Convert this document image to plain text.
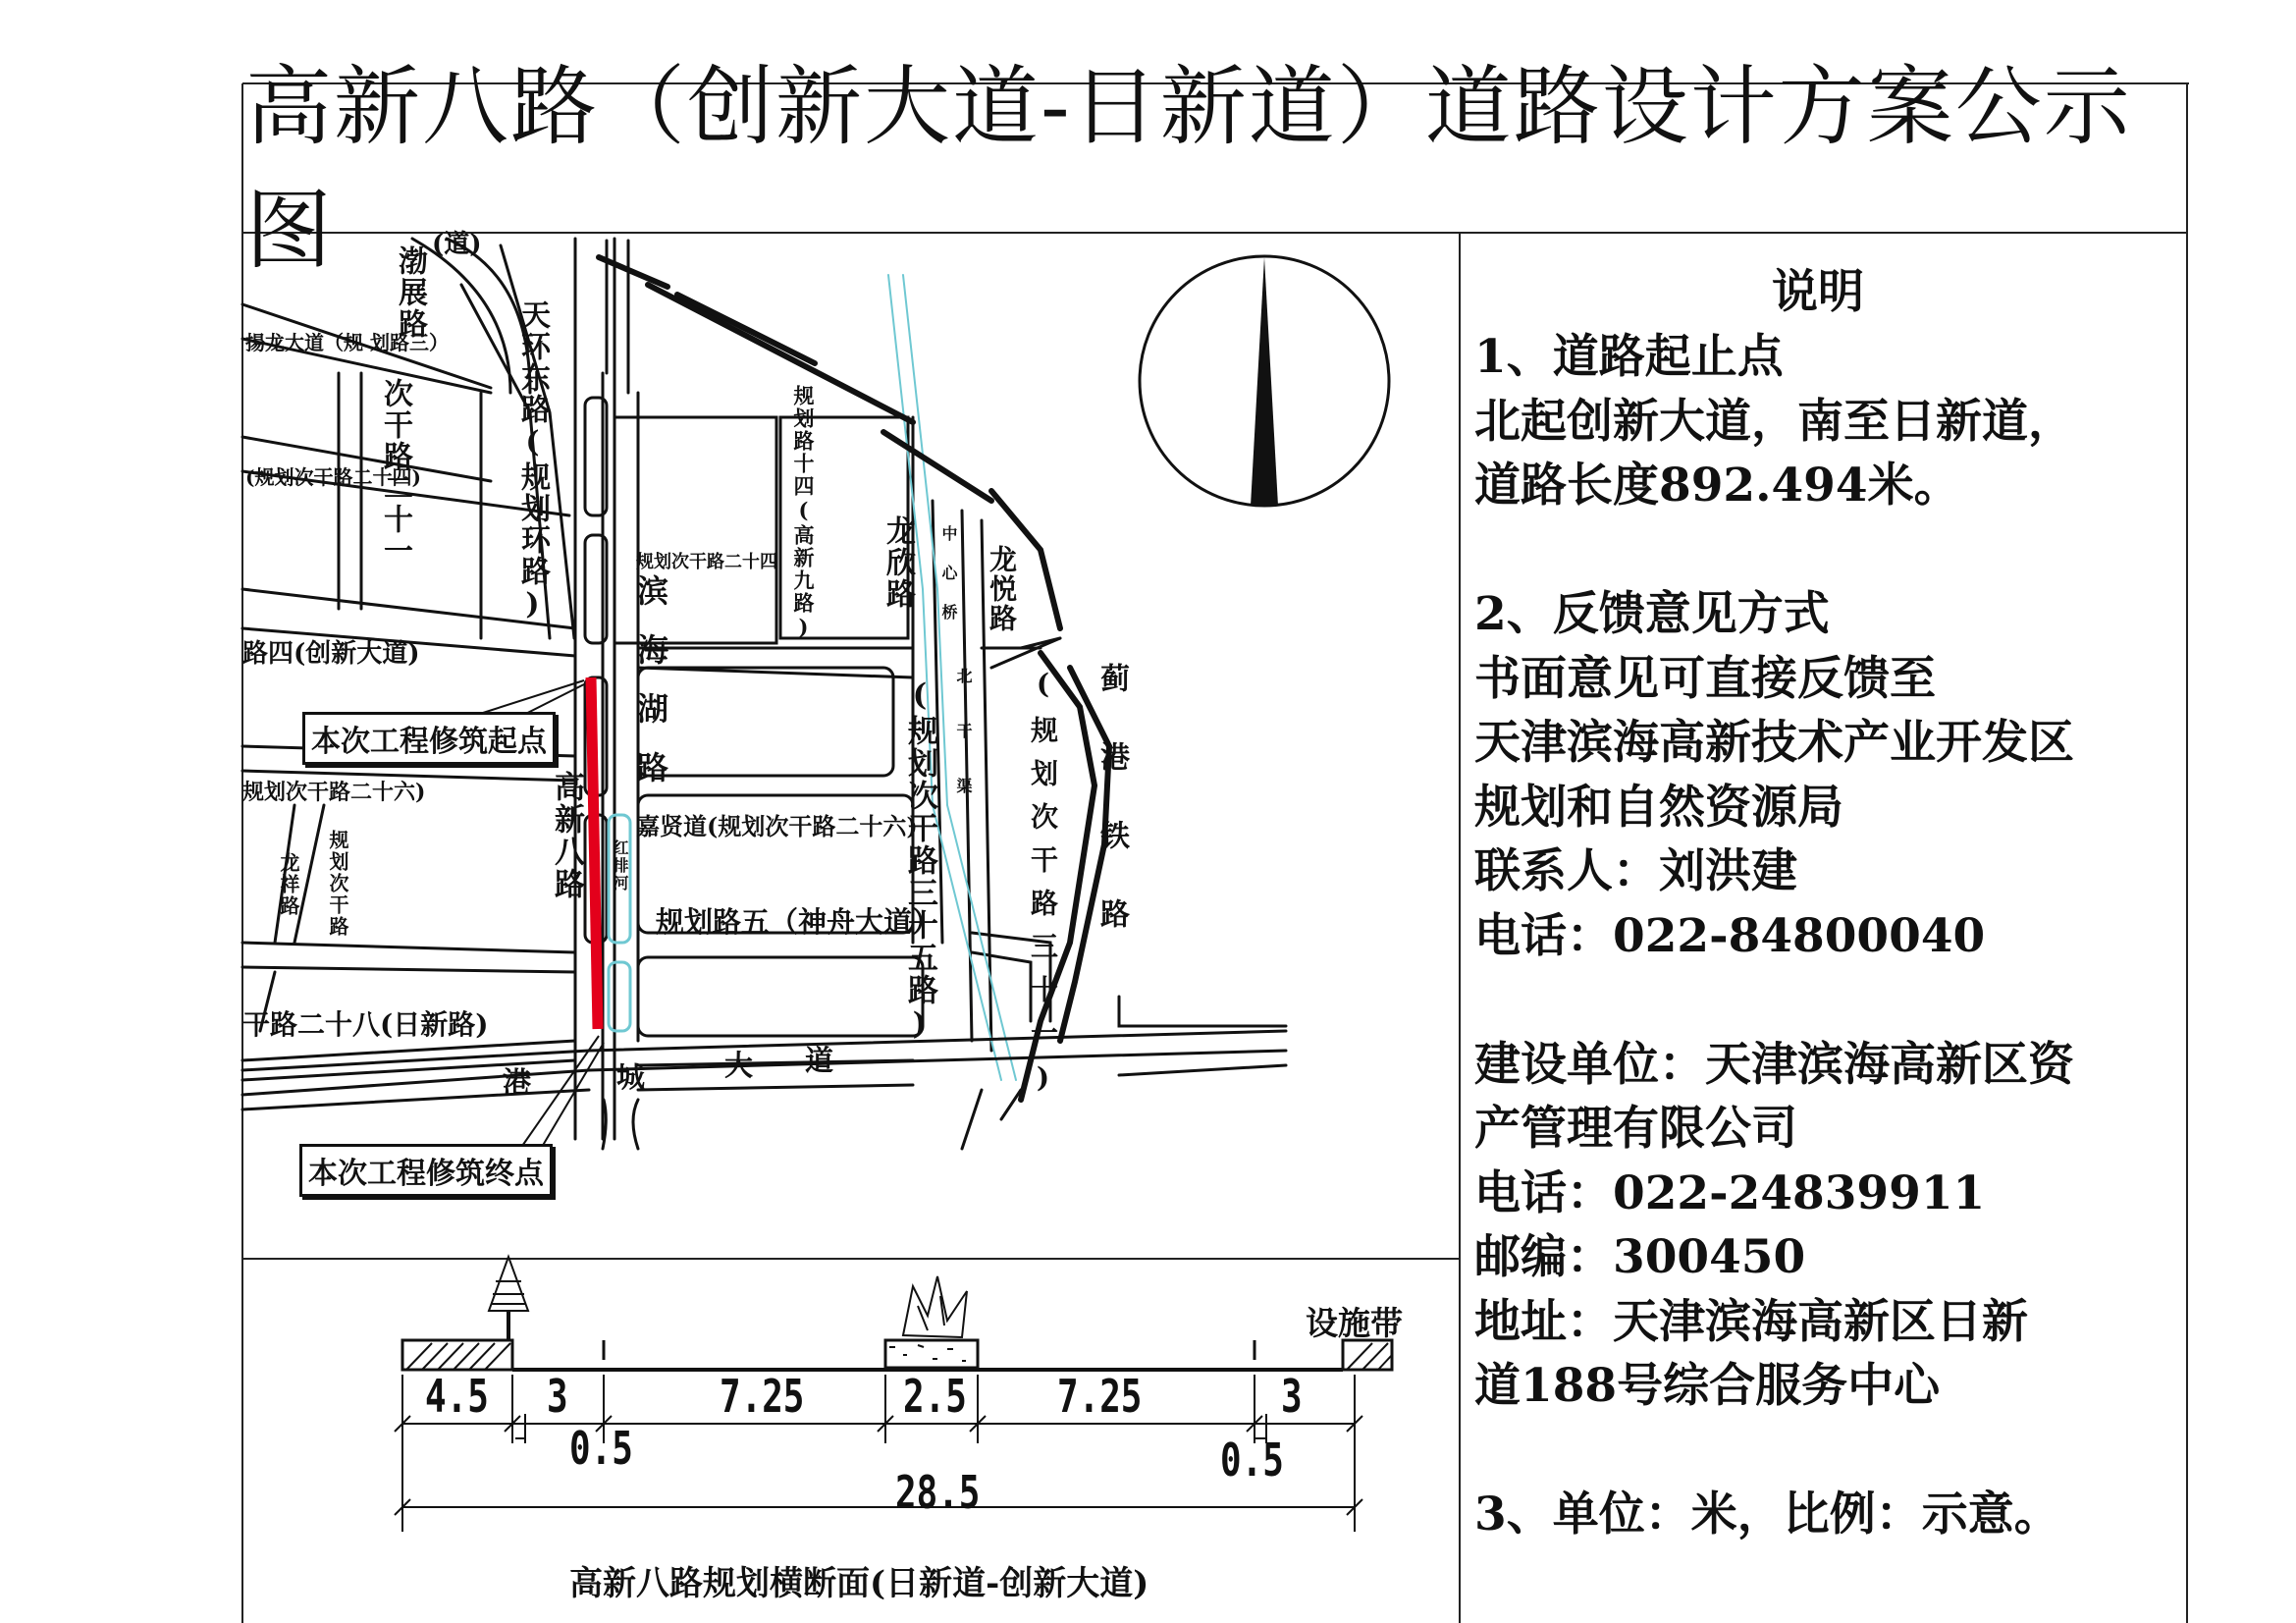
高新八路（创新大道-日新道）道路设计方案公示图
说明

1、道路起止点

北起创新大道，南至日新道，

道路长度892.494米。

2、反馈意见方式

书面意见可直接反馈至

天津滨海高新技术产业开发区

规划和自然资源局

联系人：刘洪建

电话：022-84800040

建设单位：天津滨海高新区资

产管理有限公司

电话：022-24839911

邮编：300450

地址：天津滨海高新区日新

道188号综合服务中心

3、单位：米，比例：示意。

(道)
渤展路
天环东路(规划环路)
揚龙大道（规 划路三）
次干路二十一
(规划次干路二十四)
路四(创新大道)
规划路十四(高新九路)
规划次干路二十四
滨海湖路
龙欣路 中心桥 龙悦路
北干渠	蓟港铁路
(规划次干路三十五路)	(规划次干路三十一)
规划次干路二十六)	高新八路	红排河
嘉贤道(规划次干路二十六)
龙祥路 规划次干路	规划路五（神舟大道）
干路二十八(日新路)
港	城	大 道
本次工程修筑起点
本次工程修筑终点
设施带
4.5 3	7.25 2.5 7.25	3
0.5	0.5
28.5
高新八路规划横断面(日新道-创新大道)
